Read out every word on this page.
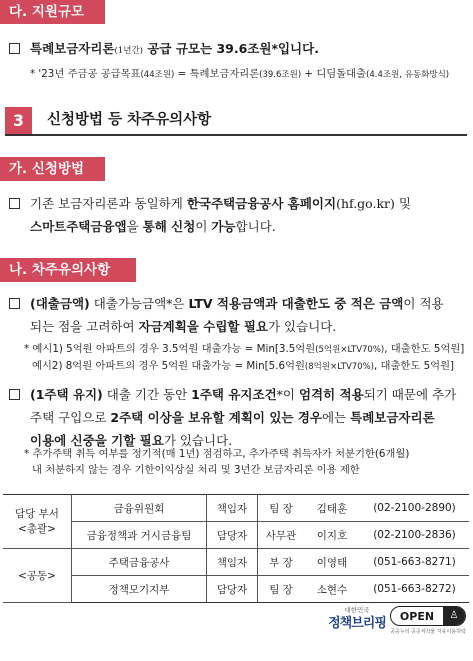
다. 지원규모
특례보금자리론(1년간) 공급 규모는 39.6조원*입니다.
* '23년 주금공 공급목표(44조원) = 특례보금자리론(39.6조원) + 디딤돌대출(4.4조원, 유동화방식)
3	신청방법 등 차주유의사항
가. 신청방법
기존 보금자리론과 동일하게 한국주택금융공사 홈페이지(hf.go.kr) 및
스마트주택금융앱을 통해 신청이 가능합니다.
나. 차주유의사항
(대출금액) 대출가능금액*은 LTV 적용금액과 대출한도 중 적은 금액이 적용
되는 점을 고려하여 자금계획을 수립할 필요가 있습니다.
* 예시1) 5억원 아파트의 경우 3.5억원 대출가능 = Min[3.5억원(5억원×LTV70%), 대출한도 5억원]
예시2) 8억원 아파트의 경우 5억원 대출가능 = Min[5.6억원(8억원×LTV70%), 대출한도 5억원]
(1주택 유지) 대출 기간 동안 1주택 유지조건*이 엄격히 적용되기 때문에 추가
주택 구입으로 2주택 이상을 보유할 계획이 있는 경우에는 특례보금자리론
이용에 신중을 기할 필요가 있습니다.
* 추가주택 취득 여부를 정기적(매 1년) 점검하고, 추가주택 취득자가 처분기한(6개월)
내 처분하지 않는 경우 기한이익상실 처리 및 3년간 보금자리론 이용 제한
담당 부서
<총괄>	금융위원회	책임자	팀 장	김태훈	(02-2100-2890)
	금융정책과 거시금융팀	담당자	사무관	이지호	(02-2100-2836)
<공동>	주택금융공사	책임자	부 장	이영태	(051-663-8271)
	정책모기지부	담당자	팀 장	소현수	(051-663-8272)
대한민국
정책브리핑	OPEN	♙
공공누리 공공저작물 자유이용허락
